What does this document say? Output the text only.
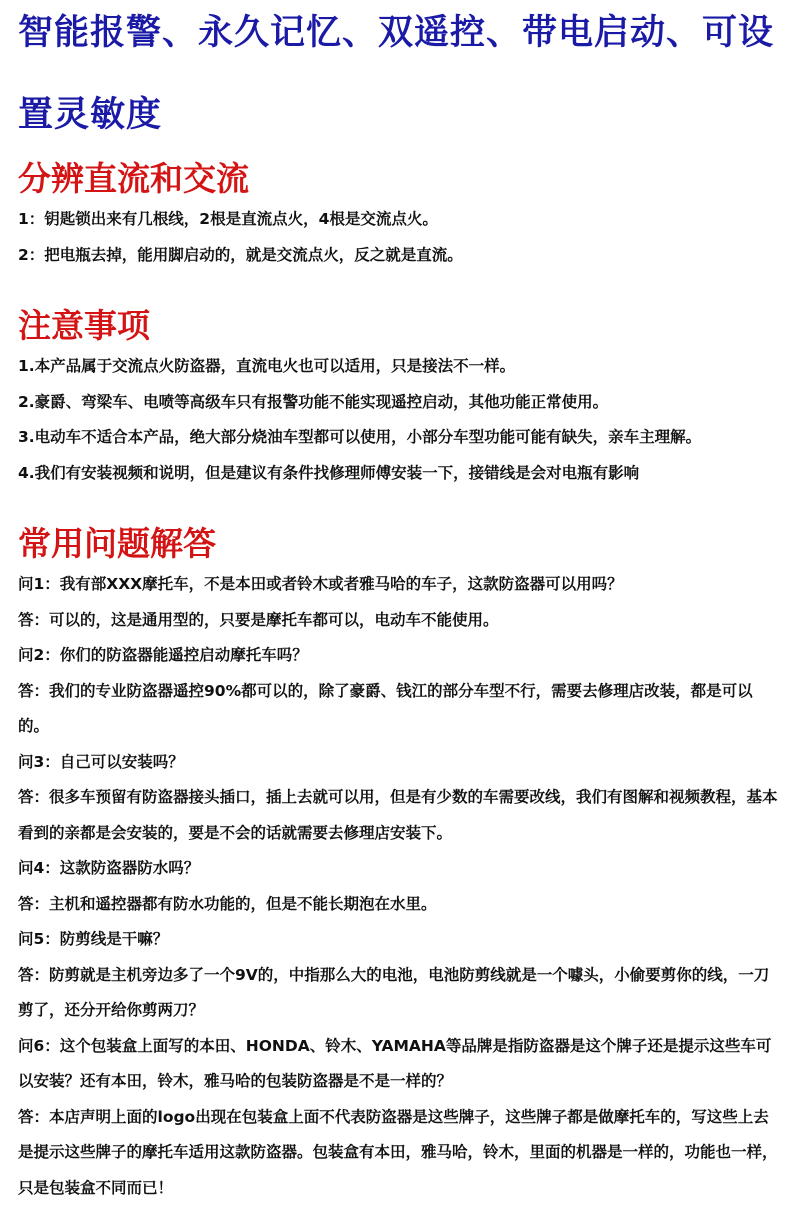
智能报警、永久记忆、双遥控、带电启动、可设置灵敏度
分辨直流和交流

1：钥匙锁出来有几根线，2根是直流点火，4根是交流点火。

2：把电瓶去掉，能用脚启动的，就是交流点火，反之就是直流。

注意事项

1.本产品属于交流点火防盗器，直流电火也可以适用，只是接法不一样。

2.豪爵、弯梁车、电喷等高级车只有报警功能不能实现遥控启动，其他功能正常使用。

3.电动车不适合本产品，绝大部分烧油车型都可以使用，小部分车型功能可能有缺失，亲车主理解。

4.我们有安装视频和说明，但是建议有条件找修理师傅安装一下，接错线是会对电瓶有影响

常用问题解答

问1：我有部XXX摩托车，不是本田或者铃木或者雅马哈的车子，这款防盗器可以用吗？

答：可以的，这是通用型的，只要是摩托车都可以，电动车不能使用。

问2：你们的防盗器能遥控启动摩托车吗？

答：我们的专业防盗器遥控90%都可以的，除了豪爵、钱江的部分车型不行，需要去修理店改装，都是可以的。

问3：自己可以安装吗？

答：很多车预留有防盗器接头插口，插上去就可以用，但是有少数的车需要改线，我们有图解和视频教程，基本看到的亲都是会安装的，要是不会的话就需要去修理店安装下。

问4：这款防盗器防水吗？

答：主机和遥控器都有防水功能的，但是不能长期泡在水里。

问5：防剪线是干嘛？

答：防剪就是主机旁边多了一个9V的，中指那么大的电池，电池防剪线就是一个噱头，小偷要剪你的线，一刀剪了，还分开给你剪两刀？

问6：这个包装盒上面写的本田、HONDA、铃木、YAMAHA等品牌是指防盗器是这个牌子还是提示这些车可以安装？还有本田，铃木，雅马哈的包装防盗器是不是一样的？

答：本店声明上面的logo出现在包装盒上面不代表防盗器是这些牌子，这些牌子都是做摩托车的，写这些上去是提示这些牌子的摩托车适用这款防盗器。包装盒有本田，雅马哈，铃木，里面的机器是一样的，功能也一样，只是包装盒不同而已！
